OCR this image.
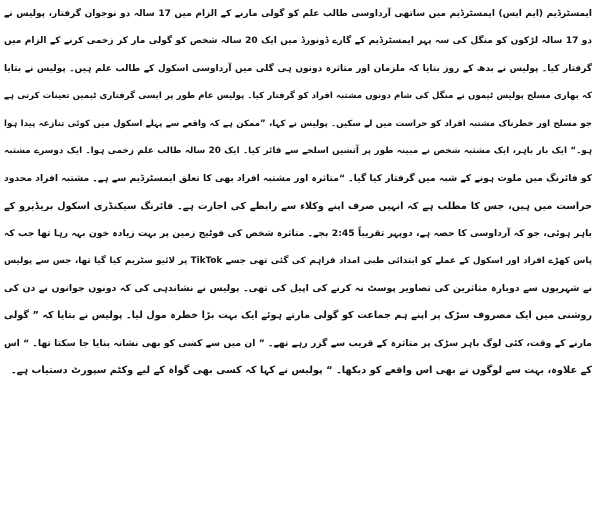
ایمسٹرڈیم (ایم ایس) ایمسٹرڈیم میں ساتھی آرداوسی طالب علم کو گولی مارنے کے الزام میں 17 سالہ دو نوجوان گرفتار، پولیس نے
دو 17 سالہ لڑکوں کو منگل کی سہ پہر ایمسٹرڈیم کے گارے ڈونورڈ میں ایک 20 سالہ شخص کو گولی مار کر زخمی کرنے کے الزام میں
گرفتار کیا۔ پولیس نے بدھ کے روز بتایا کہ ملزمان اور متاثرہ دونوں ہی گلی میں آرداوسی اسکول کے طالب علم ہیں۔ پولیس نے بتایا
کہ بھاری مسلح پولیس ٹیموں نے منگل کی شام دونوں مشتبہ افراد کو گرفتار کیا۔ پولیس عام طور پر ایسی گرفتاری ٹیمیں تعینات کرتی ہے
جو مسلح اور خطرناک مشتبہ افراد کو حراست میں لے سکیں۔ پولیس نے کہا، ”ممکن ہے کہ واقعے سے پہلے اسکول میں کوئی تنازعہ پیدا ہوا
ہو۔“ ایک بار باہر، ایک مشتبہ شخص نے مبینہ طور پر آتشیں اسلحے سے فائر کیا۔ ایک 20 سالہ طالب علم زخمی ہوا۔ ایک دوسرے مشتبہ
کو فائرنگ میں ملوث ہونے کے شبہ میں گرفتار کیا گیا۔ “متاثرہ اور مشتبہ افراد بھی کا تعلق ایمسٹرڈیم سے ہے۔ مشتبہ افراد محدود
حراست میں ہیں، جس کا مطلب ہے کہ انہیں صرف اپنے وکلاء سے رابطے کی اجازت ہے۔ فائرنگ سیکنڈری اسکول بریڈیرو کے
باہر ہوئی، جو کہ آرداوسی کا حصہ ہے، دوپہر تقریباً 2:45 بجے۔ متاثرہ شخص کی فوٹیج زمین پر بہت زیادہ خون بہہ رہا تھا جب کہ
پاس کھڑے افراد اور اسکول کے عملے کو ابتدائی طبی امداد فراہم کی گئی تھی جسے TikTok پر لائیو سٹریم کیا گیا تھا، جس سے پولیس
نے شہریوں سے دوبارہ متاثرین کی تصاویر پوسٹ نہ کرنے کی اپیل کی تھی۔ پولیس نے نشاندہی کی کہ دونوں جوانوں نے دن کی
روشنی میں ایک مصروف سڑک پر اپنے ہم جماعت کو گولی مارتے ہوئے ایک بہت بڑا خطرہ مول لیا۔ پولیس نے بتایا کہ ” گولی
مارنے کے وقت، کئی لوگ باہر سڑک پر متاثرہ کے قریب سے گزر رہے تھے۔ ” ان میں سے کسی کو بھی نشانہ بنایا جا سکتا تھا۔ “ اس
کے علاوہ، بہت سے لوگوں نے بھی اس واقعے کو دیکھا۔ “ پولیس نے کہا کہ کسی بھی گواہ کے لیے وکٹم سپورٹ دستیاب ہے۔
